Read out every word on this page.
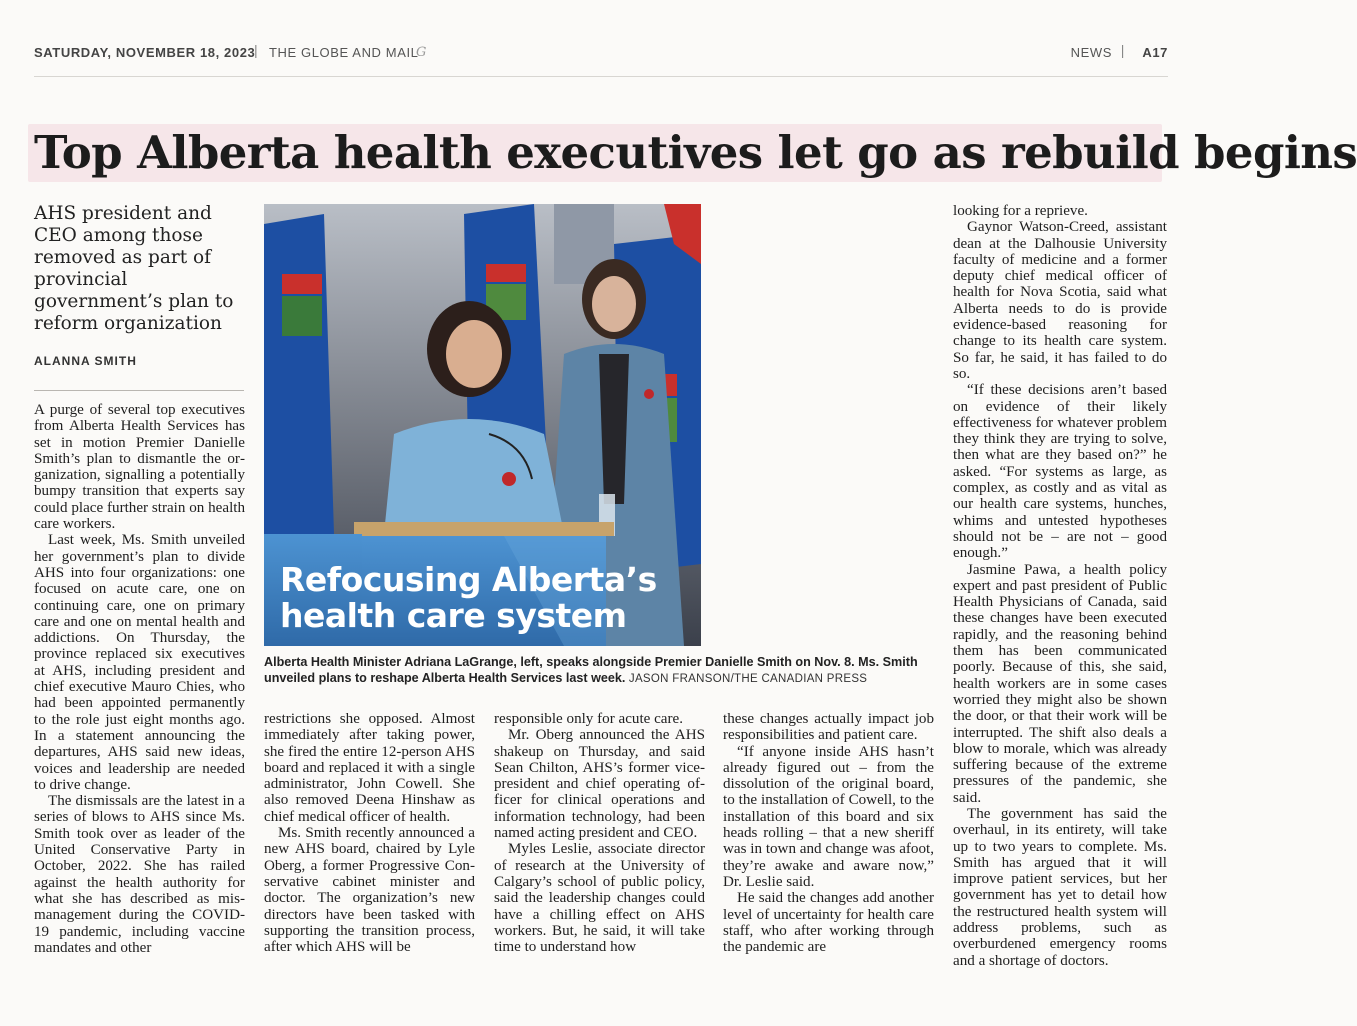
SATURDAY, NOVEMBER 18, 2023
| THE GLOBE AND MAIL
G	NEWS | A17
Top Alberta health executives let go as rebuild begins
AHS president and CEO among those removed as part of provincial government’s plan to reform organization
ALANNA SMITH

A purge of several top executives from Alberta Health Services has set in motion Premier Danielle Smith’s plan to dismantle the organization, signalling a potentially bumpy transition that experts say could place further strain on health care workers.

Last week, Ms. Smith unveiled her government’s plan to divide AHS into four organizations: one focused on acute care, one on continuing care, one on primary care and one on mental health and addictions. On Thursday, the province replaced six executives at AHS, including president and chief executive Mauro Chies, who had been appointed permanently to the role just eight months ago. In a statement announcing the departures, AHS said new ideas, voices and leadership are needed to drive change.

The dismissals are the latest in a series of blows to AHS since Ms. Smith took over as leader of the United Conservative Party in October, 2022. She has railed against the health authority for what she has described as mismanagement during the COVID-19 pandemic, including vaccine mandates and other

Refocusing Alberta’s
health care system
Alberta Health Minister Adriana LaGrange, left, speaks alongside Premier Danielle Smith on Nov. 8. Ms. Smith unveiled plans to reshape Alberta Health Services last week. JASON FRANSON/THE CANADIAN PRESS

restrictions she opposed. Almost immediately after taking power, she fired the entire 12-person AHS board and replaced it with a single administrator, John Cowell. She also removed Deena Hinshaw as chief medical officer of health.

Ms. Smith recently announced a new AHS board, chaired by Lyle Oberg, a former Progressive Conservative cabinet minister and doctor. The organization’s new directors have been tasked with supporting the transition process, after which AHS will be

responsible only for acute care.

Mr. Oberg announced the AHS shakeup on Thursday, and said Sean Chilton, AHS’s former vice-president and chief operating officer for clinical operations and information technology, had been named acting president and CEO.

Myles Leslie, associate director of research at the University of Calgary’s school of public policy, said the leadership changes could have a chilling effect on AHS workers. But, he said, it will take time to understand how

these changes actually impact job responsibilities and patient care.

“If anyone inside AHS hasn’t already figured out – from the dissolution of the original board, to the installation of Cowell, to the installation of this board and six heads rolling – that a new sheriff was in town and change was afoot, they’re awake and aware now,” Dr. Leslie said.

He said the changes add another level of uncertainty for health care staff, who after working through the pandemic are

looking for a reprieve.

Gaynor Watson-Creed, assistant dean at the Dalhousie University faculty of medicine and a former deputy chief medical officer of health for Nova Scotia, said what Alberta needs to do is provide evidence-based reasoning for change to its health care system. So far, he said, it has failed to do so.

“If these decisions aren’t based on evidence of their likely effectiveness for whatever problem they think they are trying to solve, then what are they based on?” he asked. “For systems as large, as complex, as costly and as vital as our health care systems, hunches, whims and untested hypotheses should not be – are not – good enough.”

Jasmine Pawa, a health policy expert and past president of Public Health Physicians of Canada, said these changes have been executed rapidly, and the reasoning behind them has been communicated poorly. Because of this, she said, health workers are in some cases worried they might also be shown the door, or that their work will be interrupted. The shift also deals a blow to morale, which was already suffering because of the extreme pressures of the pandemic, she said.

The government has said the overhaul, in its entirety, will take up to two years to complete. Ms. Smith has argued that it will improve patient services, but her government has yet to detail how the restructured health system will address problems, such as overburdened emergency rooms and a shortage of doctors.
